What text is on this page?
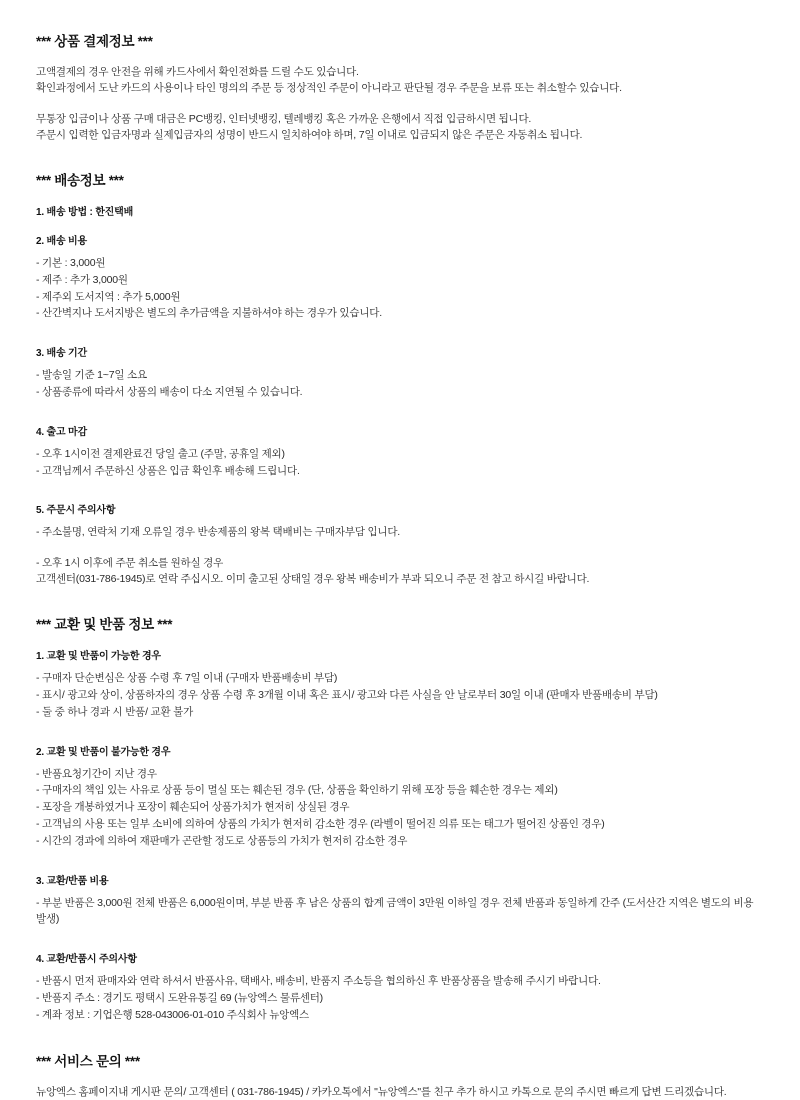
*** 상품 결제정보 ***

고액결제의 경우 안전을 위해 카드사에서 확인전화를 드릴 수도 있습니다.

확인과정에서 도난 카드의 사용이나 타인 명의의 주문 등 정상적인 주문이 아니라고 판단될 경우 주문을 보류 또는 취소할수 있습니다.

무통장 입금이나 상품 구매 대금은 PC뱅킹, 인터넷뱅킹, 텔레뱅킹 혹은 가까운 은행에서 직접 입금하시면 됩니다.

주문시 입력한 입금자명과 실제입금자의 성명이 반드시 일치하여야 하며, 7일 이내로 입금되지 않은 주문은 자동취소 됩니다.

*** 배송정보 ***

1. 배송 방법 : 한진택배

2. 배송 비용

- 기본 : 3,000원
- 제주 : 추가 3,000원
- 제주외 도서지역 : 추가 5,000원
- 산간벽지나 도서지방은 별도의 추가금액을 지불하셔야 하는 경우가 있습니다.

3. 배송 기간

- 발송일 기준 1~7일 소요
- 상품종류에 따라서 상품의 배송이 다소 지연될 수 있습니다.

4. 출고 마감

- 오후 1시이전 결제완료건 당일 출고 (주말, 공휴일 제외)
- 고객님께서 주문하신 상품은 입금 확인후 배송해 드립니다.

5. 주문시 주의사항

- 주소불명, 연락처 기재 오류일 경우 반송제품의 왕복 택배비는 구매자부담 입니다.

- 오후 1시 이후에 주문 취소를 원하실 경우

고객센터(031-786-1945)로 연락 주십시오. 이미 출고된 상태일 경우 왕복 배송비가 부과 되오니 주문 전 참고 하시길 바랍니다.

*** 교환 및 반품 정보 ***

1. 교환 및 반품이 가능한 경우

- 구매자 단순변심은 상품 수령 후 7일 이내 (구매자 반품배송비 부담)
- 표시/ 광고와 상이, 상품하자의 경우 상품 수령 후 3개월 이내 혹은 표시/ 광고와 다른 사실을 안 날로부터 30일 이내 (판매자 반품배송비 부담)
- 둘 중 하나 경과 시 반품/ 교환 불가

2. 교환 및 반품이 불가능한 경우

- 반품요청기간이 지난 경우
- 구매자의 책임 있는 사유로 상품 등이 멸실 또는 훼손된 경우 (단, 상품을 확인하기 위해 포장 등을 훼손한 경우는 제외)
- 포장을 개봉하였거나 포장이 훼손되어 상품가치가 현저히 상실된 경우
- 고객님의 사용 또는 일부 소비에 의하여 상품의 가치가 현저히 감소한 경우 (라벨이 떨어진 의류 또는 태그가 떨어진 상품인 경우)
- 시간의 경과에 의하여 재판매가 곤란할 정도로 상품등의 가치가 현저히 감소한 경우

3. 교환/반품 비용

- 부분 반품은 3,000원 전체 반품은 6,000원이며, 부분 반품 후 남은 상품의 합계 금액이 3만원 이하일 경우 전체 반품과 동일하게 간주 (도서산간 지역은 별도의 비용 발생)

4. 교환/반품시 주의사항

- 반품시 먼저 판매자와 연락 하셔서 반품사유, 택배사, 배송비, 반품지 주소등을 협의하신 후 반품상품을 발송해 주시기 바랍니다.
- 반품지 주소 : 경기도 평택시 도완유통길 69 (뉴앙엑스 물류센터)
- 계좌 정보 : 기업은행 528-043006-01-010 주식회사 뉴앙엑스
*** 서비스 문의 ***

뉴앙엑스 홈페이지내 게시판 문의/ 고객센터 ( 031-786-1945) / 카카오톡에서 "뉴앙엑스"를 친구 추가 하시고 카톡으로 문의 주시면 빠르게 답변 드리겠습니다.
